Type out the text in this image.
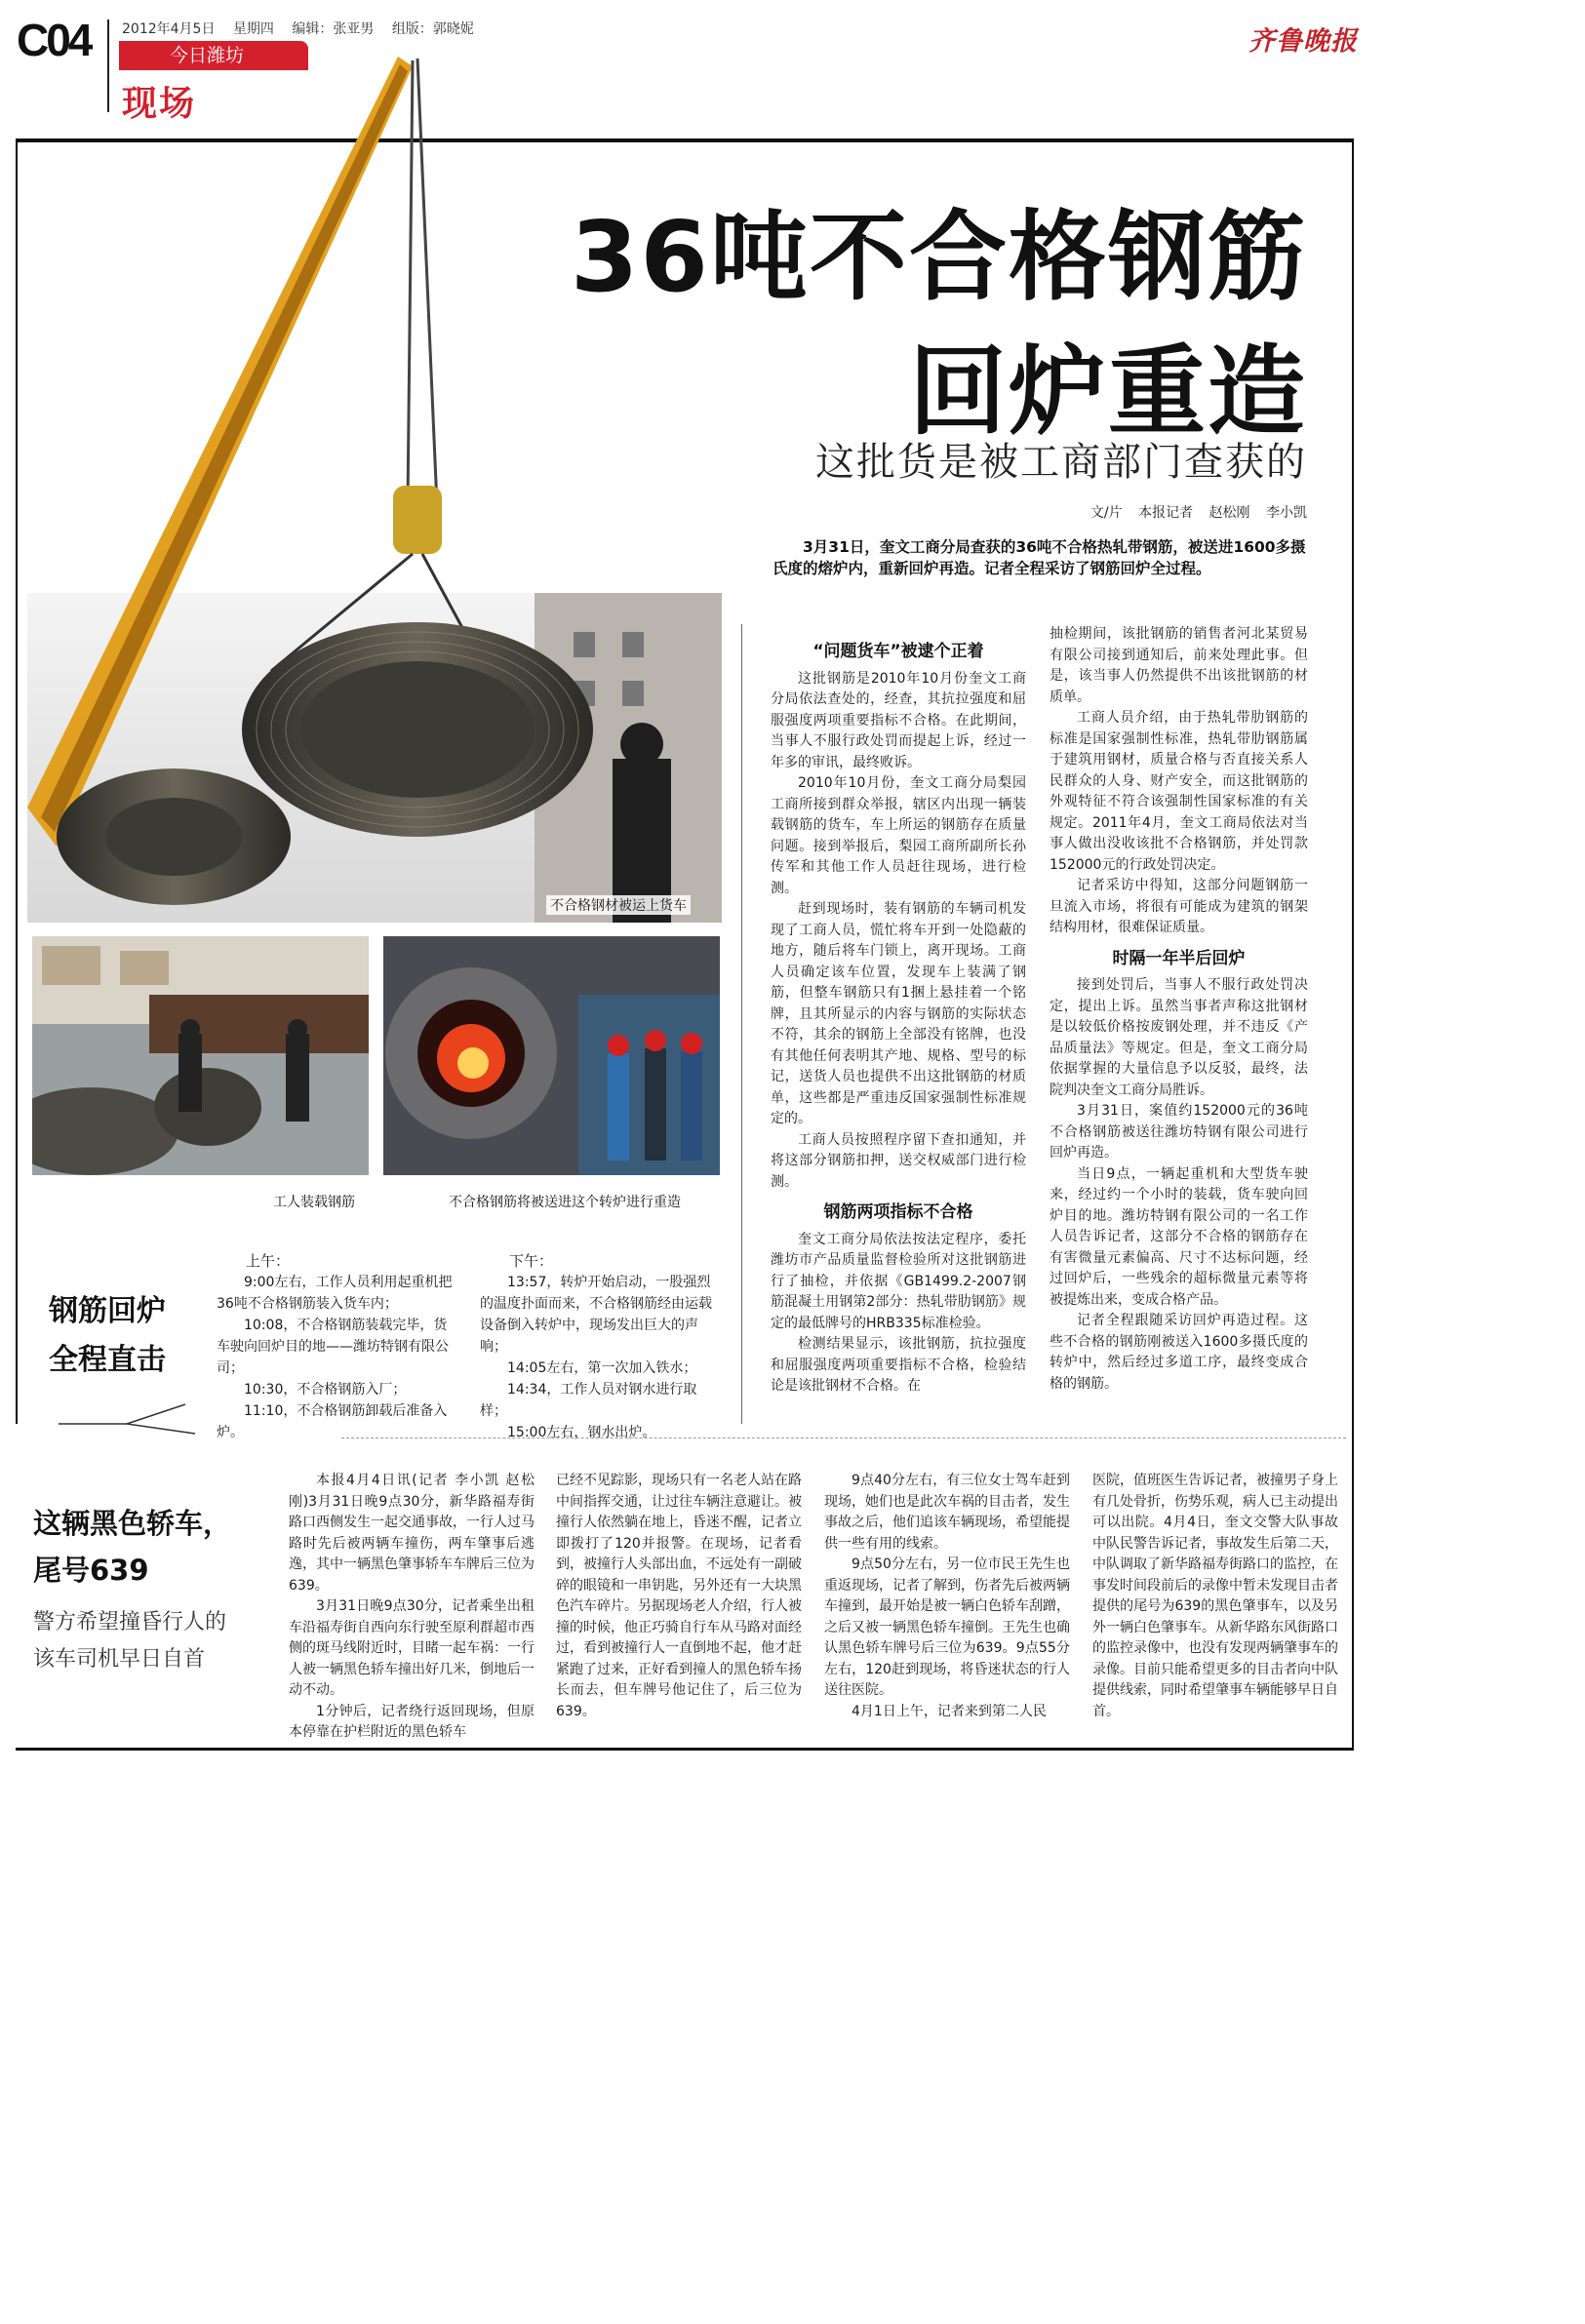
C04 2012年4月5日 星期四 编辑：张亚男 组版：郭晓妮
今日潍坊
现场
齐鲁晚报
不合格钢材被运上货车
工人装载钢筋	不合格钢筋将被送进这个转炉进行重造
36吨不合格钢筋
回炉重造
这批货是被工商部门查获的
文/片 本报记者 赵松刚 李小凯
3月31日，奎文工商分局查获的36吨不合格热轧带钢筋，被送进1600多摄氏度的熔炉内，重新回炉再造。记者全程采访了钢筋回炉全过程。
“问题货车”被逮个正着

这批钢筋是2010年10月份奎文工商分局依法查处的，经查，其抗拉强度和屈服强度两项重要指标不合格。在此期间，当事人不服行政处罚而提起上诉，经过一年多的审讯，最终败诉。

2010年10月份，奎文工商分局梨园工商所接到群众举报，辖区内出现一辆装载钢筋的货车，车上所运的钢筋存在质量问题。接到举报后，梨园工商所副所长孙传军和其他工作人员赶往现场，进行检测。

赶到现场时，装有钢筋的车辆司机发现了工商人员，慌忙将车开到一处隐蔽的地方，随后将车门锁上，离开现场。工商人员确定该车位置，发现车上装满了钢筋，但整车钢筋只有1捆上悬挂着一个铭牌，且其所显示的内容与钢筋的实际状态不符，其余的钢筋上全部没有铭牌，也没有其他任何表明其产地、规格、型号的标记，送货人员也提供不出这批钢筋的材质单，这些都是严重违反国家强制性标准规定的。

工商人员按照程序留下查扣通知，并将这部分钢筋扣押，送交权威部门进行检测。

钢筋两项指标不合格

奎文工商分局依法按法定程序，委托潍坊市产品质量监督检验所对这批钢筋进行了抽检，并依据《GB1499.2-2007钢筋混凝土用钢第2部分：热轧带肋钢筋》规定的最低牌号的HRB335标准检验。

检测结果显示，该批钢筋，抗拉强度和屈服强度两项重要指标不合格，检验结论是该批钢材不合格。在

抽检期间，该批钢筋的销售者河北某贸易有限公司接到通知后，前来处理此事。但是，该当事人仍然提供不出该批钢筋的材质单。

工商人员介绍，由于热轧带肋钢筋的标准是国家强制性标准，热轧带肋钢筋属于建筑用钢材，质量合格与否直接关系人民群众的人身、财产安全，而这批钢筋的外观特征不符合该强制性国家标准的有关规定。2011年4月，奎文工商局依法对当事人做出没收该批不合格钢筋，并处罚款152000元的行政处罚决定。

记者采访中得知，这部分问题钢筋一旦流入市场，将很有可能成为建筑的钢架结构用材，很难保证质量。

时隔一年半后回炉

接到处罚后，当事人不服行政处罚决定，提出上诉。虽然当事者声称这批钢材是以较低价格按废钢处理，并不违反《产品质量法》等规定。但是，奎文工商分局依据掌握的大量信息予以反驳，最终，法院判决奎文工商分局胜诉。

3月31日，案值约152000元的36吨不合格钢筋被送往潍坊特钢有限公司进行回炉再造。

当日9点，一辆起重机和大型货车驶来，经过约一个小时的装载，货车驶向回炉目的地。潍坊特钢有限公司的一名工作人员告诉记者，这部分不合格的钢筋存在有害微量元素偏高、尺寸不达标问题，经过回炉后，一些残余的超标微量元素等将被提炼出来，变成合格产品。

记者全程跟随采访回炉再造过程。这些不合格的钢筋刚被送入1600多摄氏度的转炉中，然后经过多道工序，最终变成合格的钢筋。

钢筋回炉
全程直击
上午：

9:00左右，工作人员利用起重机把36吨不合格钢筋装入货车内；

10:08，不合格钢筋装载完毕，货车驶向回炉目的地——潍坊特钢有限公司；

10:30，不合格钢筋入厂；

11:10，不合格钢筋卸载后准备入炉。

下午：

13:57，转炉开始启动，一股强烈的温度扑面而来，不合格钢筋经由运载设备倒入转炉中，现场发出巨大的声响；

14:05左右，第一次加入铁水；

14:34，工作人员对钢水进行取样；

15:00左右，钢水出炉。

这辆黑色轿车，
尾号639
警方希望撞昏行人的
该车司机早日自首

本报4月4日讯(记者 李小凯 赵松刚)3月31日晚9点30分，新华路福寿街路口西侧发生一起交通事故，一行人过马路时先后被两辆车撞伤，两车肇事后逃逸，其中一辆黑色肇事轿车车牌后三位为639。

3月31日晚9点30分，记者乘坐出租车沿福寿街自西向东行驶至原利群超市西侧的斑马线附近时，目睹一起车祸：一行人被一辆黑色轿车撞出好几米，倒地后一动不动。

1分钟后，记者绕行返回现场，但原本停靠在护栏附近的黑色轿车

已经不见踪影，现场只有一名老人站在路中间指挥交通，让过往车辆注意避让。被撞行人依然躺在地上，昏迷不醒，记者立即拨打了120并报警。在现场，记者看到，被撞行人头部出血，不远处有一副破碎的眼镜和一串钥匙，另外还有一大块黑色汽车碎片。另据现场老人介绍，行人被撞的时候，他正巧骑自行车从马路对面经过，看到被撞行人一直倒地不起，他才赶紧跑了过来，正好看到撞人的黑色轿车扬长而去，但车牌号他记住了，后三位为639。

9点40分左右，有三位女士驾车赶到现场，她们也是此次车祸的目击者，发生事故之后，他们追该车辆现场，希望能提供一些有用的线索。

9点50分左右，另一位市民王先生也重返现场，记者了解到，伤者先后被两辆车撞到，最开始是被一辆白色轿车刮蹭，之后又被一辆黑色轿车撞倒。王先生也确认黑色轿车牌号后三位为639。9点55分左右，120赶到现场，将昏迷状态的行人送往医院。

4月1日上午，记者来到第二人民

医院，值班医生告诉记者，被撞男子身上有几处骨折，伤势乐观，病人已主动提出可以出院。4月4日，奎文交警大队事故中队民警告诉记者，事故发生后第二天，中队调取了新华路福寿街路口的监控，在事发时间段前后的录像中暂未发现目击者提供的尾号为639的黑色肇事车，以及另外一辆白色肇事车。从新华路东风街路口的监控录像中，也没有发现两辆肇事车的录像。目前只能希望更多的目击者向中队提供线索，同时希望肇事车辆能够早日自首。
